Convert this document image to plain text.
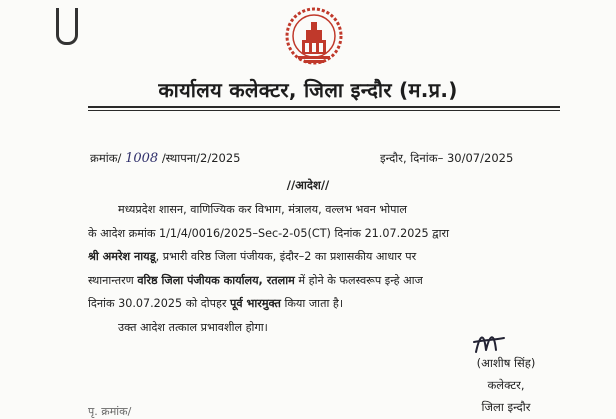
कार्यालय कलेक्टर, जिला इन्दौर (म.प्र.)
क्रमांक/ 1008 /स्थापना/2/2025	इन्दौर, दिनांक– 30/07/2025
//आदेश//

मध्यप्रदेश शासन, वाणिज्यिक कर विभाग, मंत्रालय, वल्लभ भवन भोपाल

के आदेश क्रमांक 1/1/4/0016/2025–Sec-2-05(CT) दिनांक 21.07.2025 द्वारा

श्री अमरेश नायडू, प्रभारी वरिष्ठ जिला पंजीयक, इंदौर–2 का प्रशासकीय आधार पर

स्थानान्तरण वरिष्ठ जिला पंजीयक कार्यालय, रतलाम में होने के फलस्वरूप इन्हे आज

दिनांक 30.07.2025 को दोपहर पूर्व भारमुक्त किया जाता है।

उक्त आदेश तत्काल प्रभावशील होगा।

(आशीष सिंह)
कलेक्टर,
जिला इन्दौर
पृ. क्रमांक/
